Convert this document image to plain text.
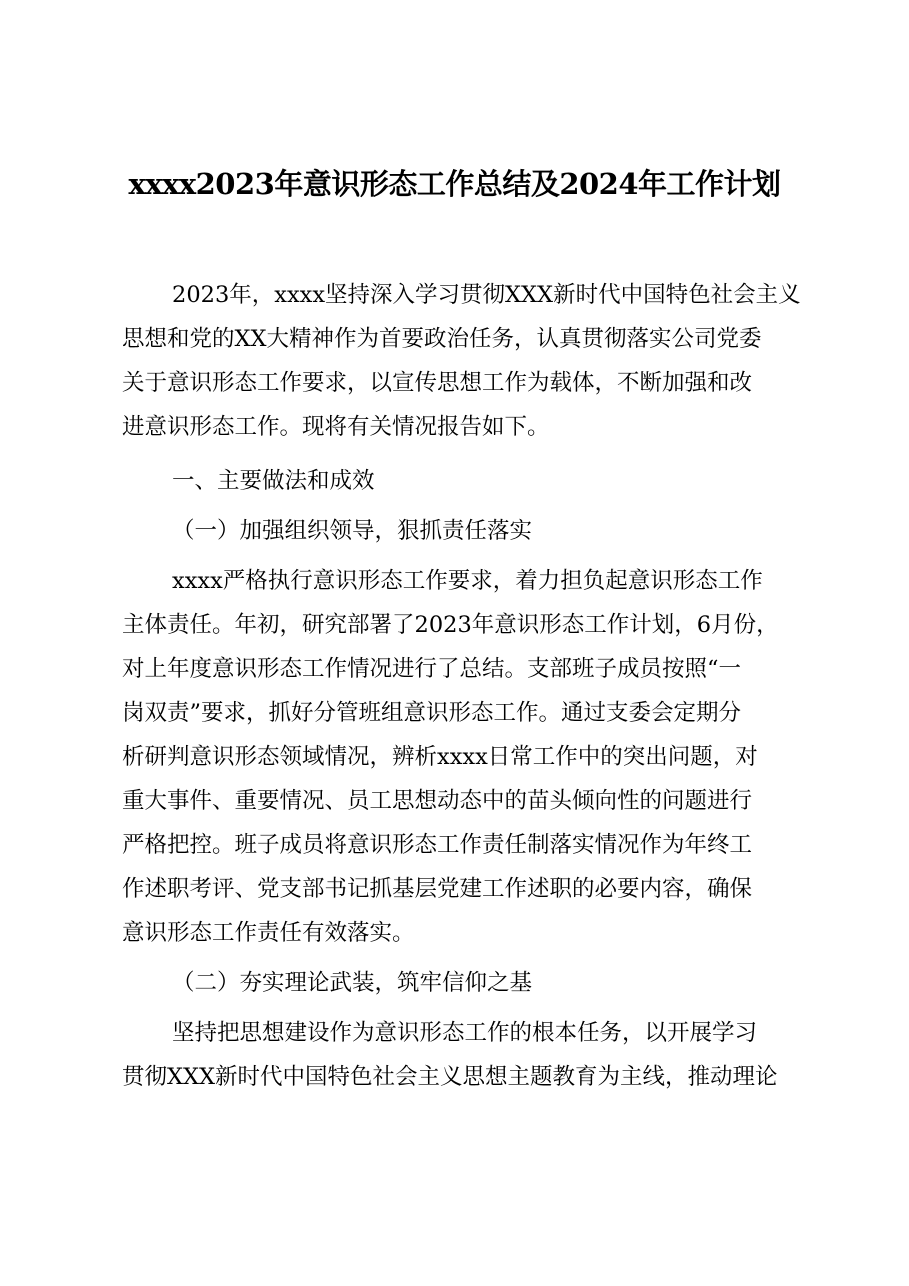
xxxx2023年意识形态工作总结及2024年工作计划
2023年，xxxx坚持深入学习贯彻XXX新时代中国特色社会主义
思想和党的XX大精神作为首要政治任务，认真贯彻落实公司党委
关于意识形态工作要求，以宣传思想工作为载体，不断加强和改
进意识形态工作。现将有关情况报告如下。
一、主要做法和成效
（一）加强组织领导，狠抓责任落实
xxxx严格执行意识形态工作要求，着力担负起意识形态工作
主体责任。年初，研究部署了2023年意识形态工作计划，6月份，
对上年度意识形态工作情况进行了总结。支部班子成员按照“一
岗双责”要求，抓好分管班组意识形态工作。通过支委会定期分
析研判意识形态领域情况，辨析xxxx日常工作中的突出问题，对
重大事件、重要情况、员工思想动态中的苗头倾向性的问题进行
严格把控。班子成员将意识形态工作责任制落实情况作为年终工
作述职考评、党支部书记抓基层党建工作述职的必要内容，确保
意识形态工作责任有效落实。
（二）夯实理论武装，筑牢信仰之基
坚持把思想建设作为意识形态工作的根本任务，以开展学习
贯彻XXX新时代中国特色社会主义思想主题教育为主线，推动理论
